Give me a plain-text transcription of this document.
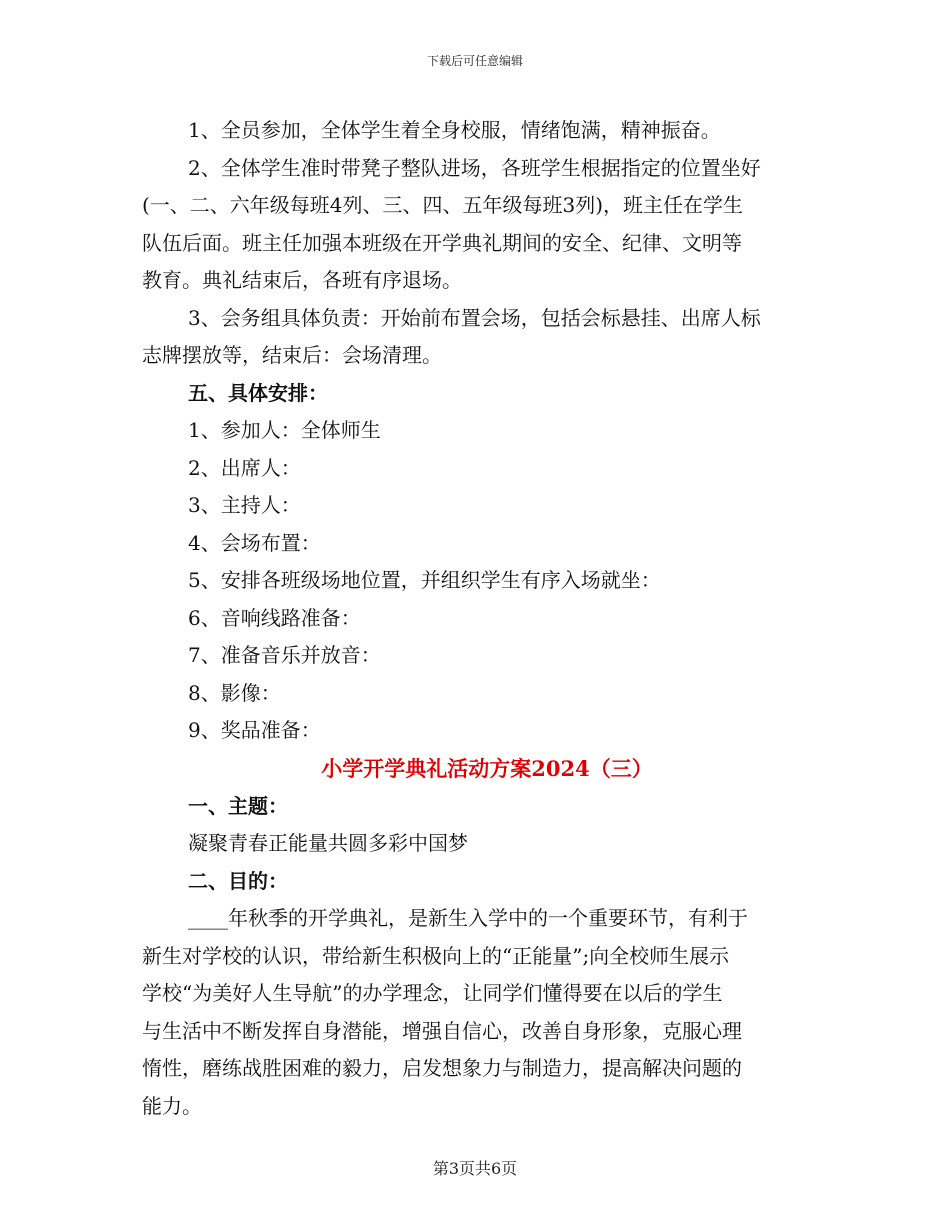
下载后可任意编辑
1、全员参加，全体学生着全身校服，情绪饱满，精神振奋。
2、全体学生准时带凳子整队进场，各班学生根据指定的位置坐好
(一、二、六年级每班4列、三、四、五年级每班3列)，班主任在学生
队伍后面。班主任加强本班级在开学典礼期间的安全、纪律、文明等
教育。典礼结束后，各班有序退场。
3、会务组具体负责：开始前布置会场，包括会标悬挂、出席人标
志牌摆放等，结束后：会场清理。
五、具体安排：
1、参加人：全体师生
2、出席人：
3、主持人：
4、会场布置：
5、安排各班级场地位置，并组织学生有序入场就坐：
6、音响线路准备：
7、准备音乐并放音：
8、影像：
9、奖品准备：
小学开学典礼活动方案2024（三）
一、主题：
凝聚青春正能量共圆多彩中国梦
二、目的：
____年秋季的开学典礼，是新生入学中的一个重要环节，有利于
新生对学校的认识，带给新生积极向上的“正能量”;向全校师生展示
学校“为美好人生导航”的办学理念，让同学们懂得要在以后的学生
与生活中不断发挥自身潜能，增强自信心，改善自身形象，克服心理
惰性，磨练战胜困难的毅力，启发想象力与制造力，提高解决问题的
能力。
第3页共6页
